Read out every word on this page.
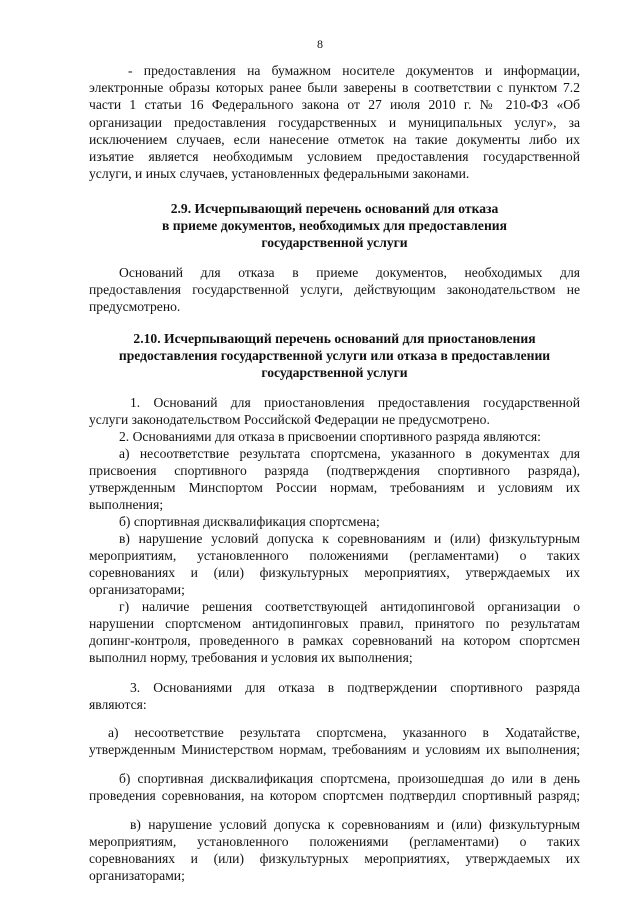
8
- предоставления на бумажном носителе документов и информации,
электронные образы которых ранее были заверены в соответствии с пунктом 7.2
части 1 статьи 16 Федерального закона от 27 июля 2010 г. № 210-ФЗ «Об
организации предоставления государственных и муниципальных услуг», за
исключением случаев, если нанесение отметок на такие документы либо их
изъятие является необходимым условием предоставления государственной
услуги, и иных случаев, установленных федеральными законами.
2.9. Исчерпывающий перечень оснований для отказа
в приеме документов, необходимых для предоставления
государственной услуги
Оснований для отказа в приеме документов, необходимых для
предоставления государственной услуги, действующим законодательством не
предусмотрено.
2.10. Исчерпывающий перечень оснований для приостановления
предоставления государственной услуги или отказа в предоставлении
государственной услуги
1. Оснований для приостановления предоставления государственной
услуги законодательством Российской Федерации не предусмотрено.
2. Основаниями для отказа в присвоении спортивного разряда являются:
а) несоответствие результата спортсмена, указанного в документах для
присвоения спортивного разряда (подтверждения спортивного разряда),
утвержденным Минспортом России нормам, требованиям и условиям их
выполнения;
б) спортивная дисквалификация спортсмена;
в) нарушение условий допуска к соревнованиям и (или) физкультурным
мероприятиям, установленного положениями (регламентами) о таких
соревнованиях и (или) физкультурных мероприятиях, утверждаемых их
организаторами;
г) наличие решения соответствующей антидопинговой организации о
нарушении спортсменом антидопинговых правил, принятого по результатам
допинг-контроля, проведенного в рамках соревнований на котором спортсмен
выполнил норму, требования и условия их выполнения;
3. Основаниями для отказа в подтверждении спортивного разряда
являются:
а) несоответствие результата спортсмена, указанного в Ходатайстве,
утвержденным Министерством нормам, требованиям и условиям их выполнения;
б) спортивная дисквалификация спортсмена, произошедшая до или в день
проведения соревнования, на котором спортсмен подтвердил спортивный разряд;
в) нарушение условий допуска к соревнованиям и (или) физкультурным
мероприятиям, установленного положениями (регламентами) о таких
соревнованиях и (или) физкультурных мероприятиях, утверждаемых их
организаторами;
